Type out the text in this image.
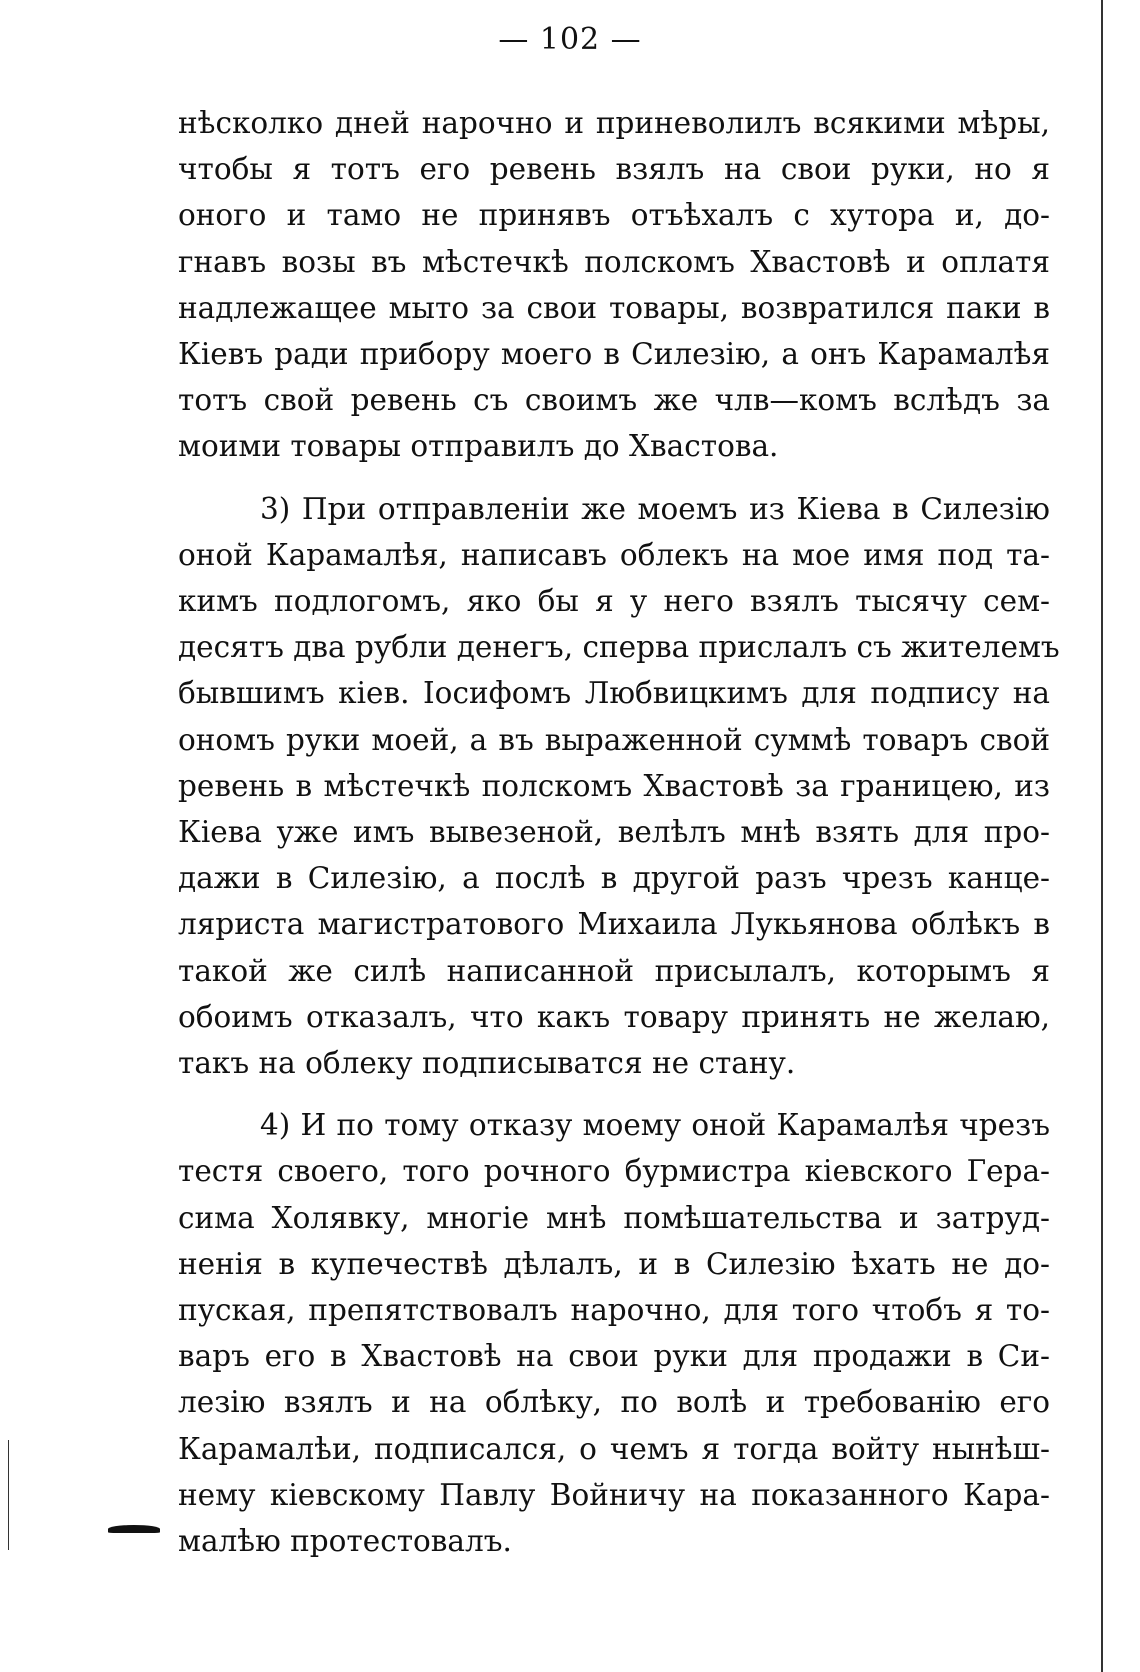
— 102 —
нѣсколко дней нарочно и приневолилъ всякими мѣры,
чтобы я тотъ его ревень взялъ на свои руки, но я
оного и тамо не принявъ отъѣхалъ с хутора и, до-
гнавъ возы въ мѣстечкѣ полскомъ Хвастовѣ и оплатя
надлежащее мыто за свои товары, возвратился паки в
Кіевъ ради прибору моего в Силезію, а онъ Карамалѣя
тотъ свой ревень съ своимъ же члв—комъ вслѣдъ за
моими товары отправилъ до Хвастова.
3) При отправленіи же моемъ из Кіева в Силезію
оной Карамалѣя, написавъ облекъ на мое имя под та-
кимъ подлогомъ, яко бы я у него взялъ тысячу сем-
десятъ два рубли денегъ, сперва прислалъ съ жителемъ
бывшимъ кіев. Іосифомъ Любвицкимъ для подпису на
ономъ руки моей, а въ выраженной суммѣ товаръ свой
ревень в мѣстечкѣ полскомъ Хвастовѣ за границею, из
Кіева уже имъ вывезеной, велѣлъ мнѣ взять для про-
дажи в Силезію, а послѣ в другой разъ чрезъ канце-
ляриста магистратового Михаила Лукьянова облѣкъ в
такой же силѣ написанной присылалъ, которымъ я
обоимъ отказалъ, что какъ товару принять не желаю,
такъ на облеку подписыватся не стану.
4) И по тому отказу моему оной Карамалѣя чрезъ
тестя своего, того рочного бурмистра кіевского Гера-
сима Холявку, многіе мнѣ помѣшательства и затруд-
ненія в купечествѣ дѣлалъ, и в Силезію ѣхать не до-
пуская, препятствовалъ нарочно, для того чтобъ я то-
варъ его в Хвастовѣ на свои руки для продажи в Си-
лезію взялъ и на облѣку, по волѣ и требованію его
Карамалѣи, подписался, о чемъ я тогда войту нынѣш-
нему кіевскому Павлу Войничу на показанного Кара-
малѣю протестовалъ.
